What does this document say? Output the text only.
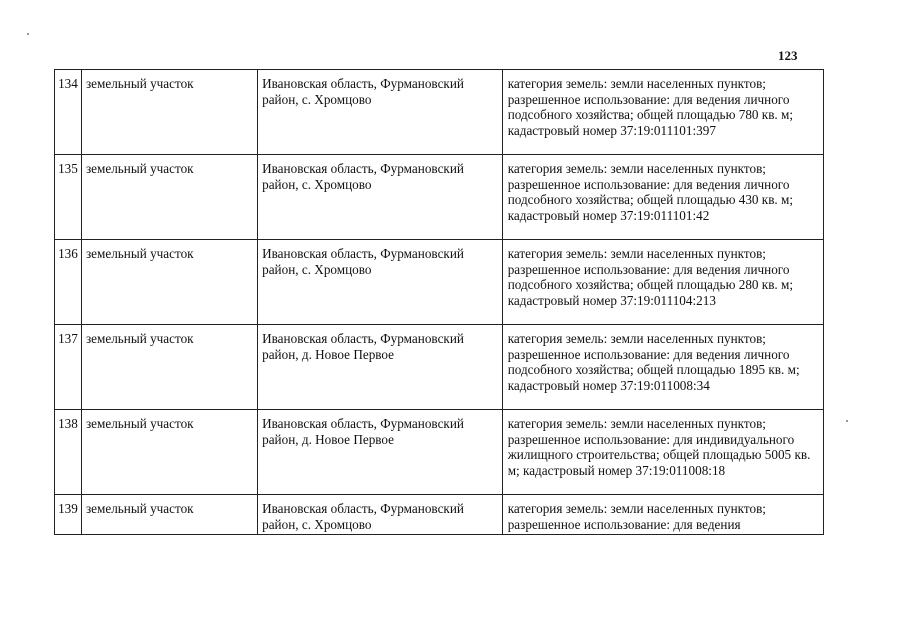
123
134	земельный участок	Ивановская область, Фурмановский район, с. Хромцово	категория земель: земли населенных пунктов; разрешенное использование: для ведения личного подсобного хозяйства; общей площадью 780 кв. м; кадастровый номер 37:19:011101:397
135	земельный участок	Ивановская область, Фурмановский район, с. Хромцово	категория земель: земли населенных пунктов; разрешенное использование: для ведения личного подсобного хозяйства; общей площадью 430 кв. м; кадастровый номер 37:19:011101:42
136	земельный участок	Ивановская область, Фурмановский район, с. Хромцово	категория земель: земли населенных пунктов; разрешенное использование: для ведения личного подсобного хозяйства; общей площадью 280 кв. м; кадастровый номер 37:19:011104:213
137	земельный участок	Ивановская область, Фурмановский район, д. Новое Первое	категория земель: земли населенных пунктов; разрешенное использование: для ведения личного подсобного хозяйства; общей площадью 1895 кв. м; кадастровый номер 37:19:011008:34
138	земельный участок	Ивановская область, Фурмановский район, д. Новое Первое	категория земель: земли населенных пунктов; разрешенное использование: для индивидуального жилищного строительства; общей площадью 5005 кв. м; кадастровый номер 37:19:011008:18
139	земельный участок	Ивановская область, Фурмановский район, с. Хромцово	категория земель: земли населенных пунктов; разрешенное использование: для ведения
